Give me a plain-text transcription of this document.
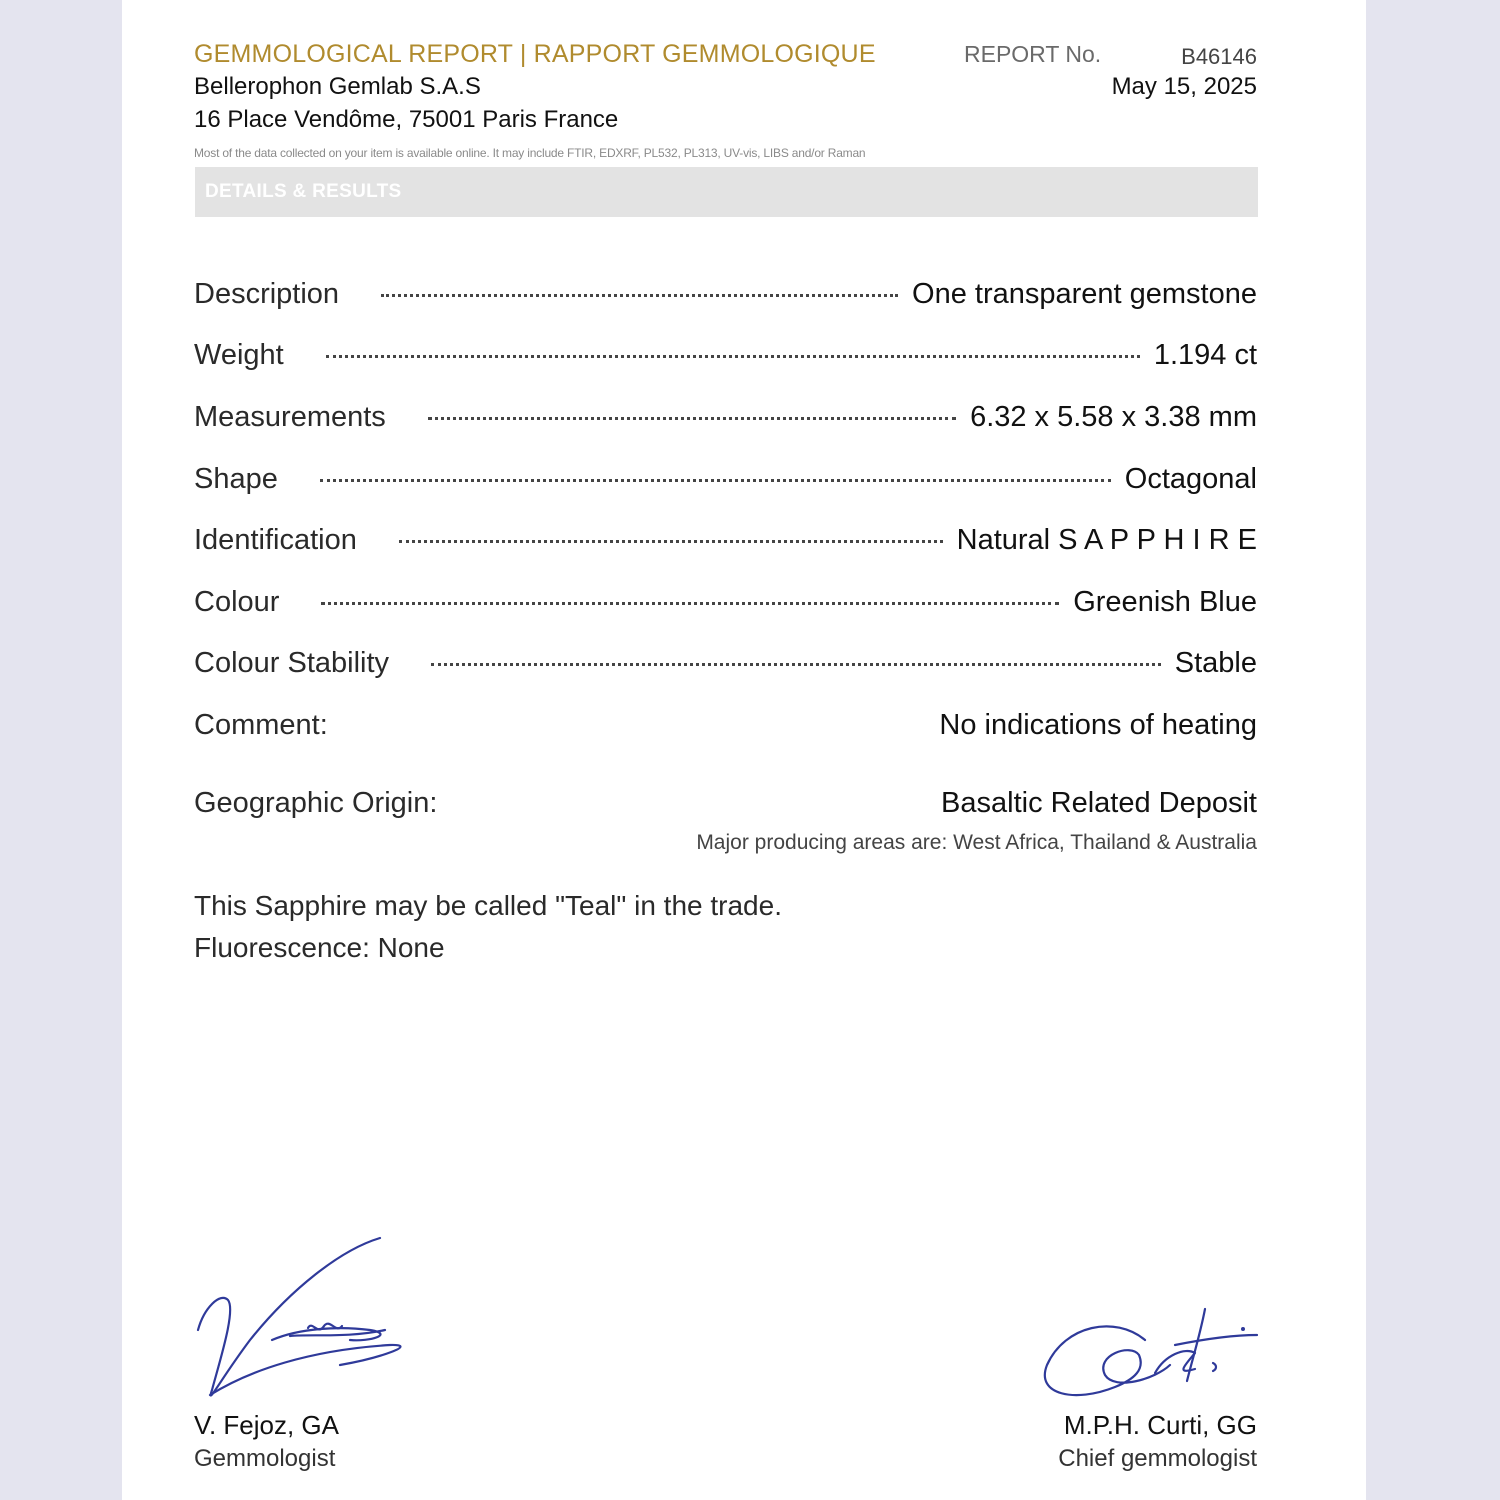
GEMMOLOGICAL REPORT | RAPPORT GEMMOLOGIQUE
Bellerophon Gemlab S.A.S
16 Place Vendôme, 75001 Paris France
REPORT No.	B46146
May 15, 2025
Most of the data collected on your item is available online. It may include FTIR, EDXRF, PL532, PL313, UV-vis, LIBS and/or Raman
DETAILS & RESULTS
Description	One transparent gemstone
Weight	1.194 ct
Measurements	6.32 x 5.58 x 3.38 mm
Shape	Octagonal
Identification	Natural S A P P H I R E
Colour	Greenish Blue
Colour Stability	Stable
Comment:	No indications of heating
Geographic Origin:	Basaltic Related Deposit
Major producing areas are: West Africa, Thailand & Australia
This Sapphire may be called "Teal" in the trade.
Fluorescence: None
V. Fejoz, GA
Gemmologist
M.P.H. Curti, GG
Chief gemmologist
